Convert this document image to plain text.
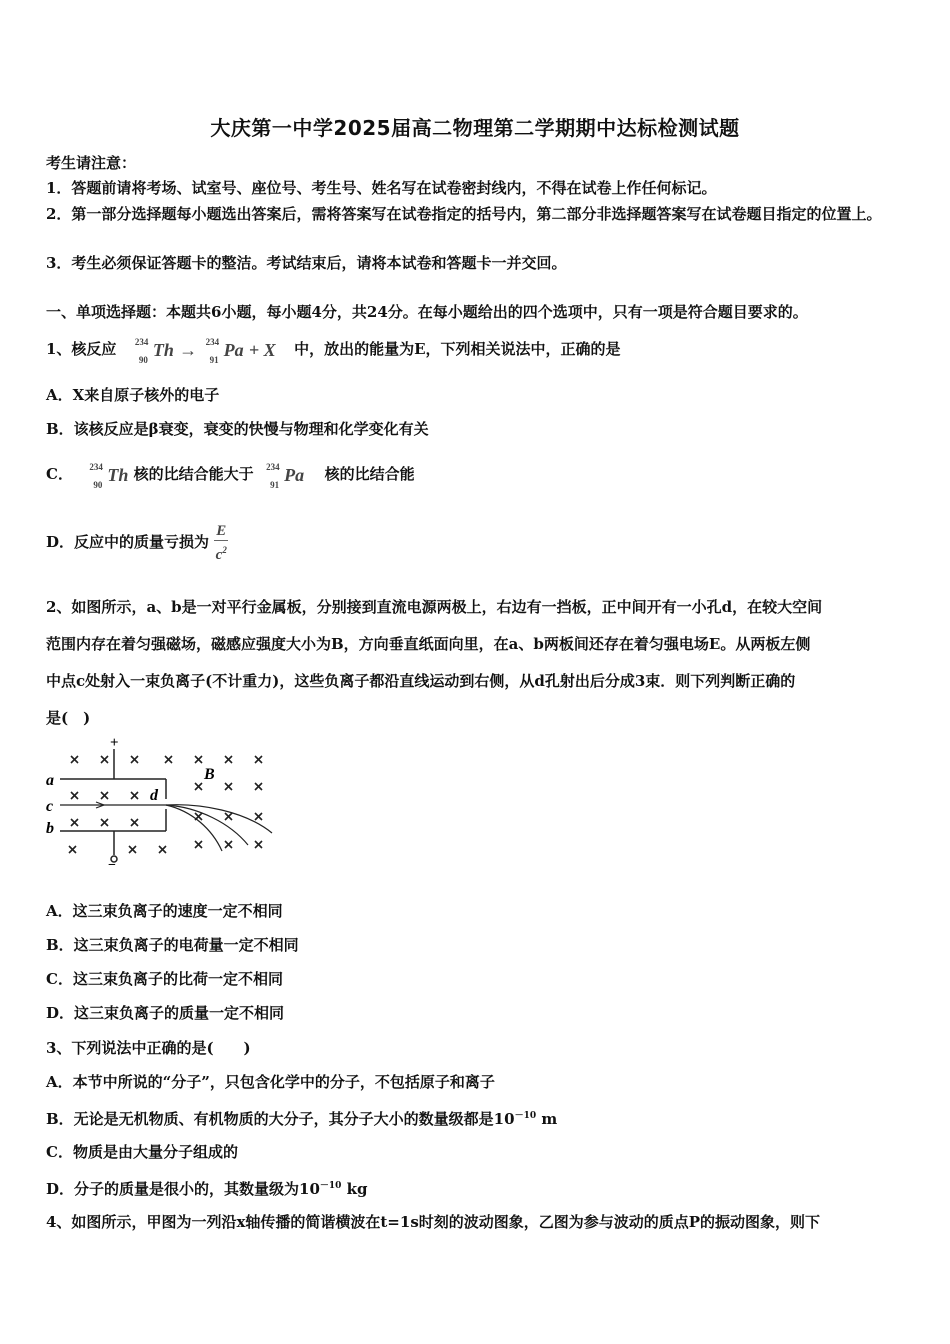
大庆第一中学2025届高二物理第二学期期中达标检测试题
考生请注意：
1．答题前请将考场、试室号、座位号、考生号、姓名写在试卷密封线内，不得在试卷上作任何标记。
2．第一部分选择题每小题选出答案后，需将答案写在试卷指定的括号内，第二部分非选择题答案写在试卷题目指定的位置上。
3．考生必须保证答题卡的整洁。考试结束后，请将本试卷和答题卡一并交回。
一、单项选择题：本题共6小题，每小题4分，共24分。在每小题给出的四个选项中，只有一项是符合题目要求的。
1、核反应 234
90 Th → 234
91 Pa + X 中，放出的能量为E，下列相关说法中，正确的是
A．X来自原子核外的电子
B．该核反应是β衰变，衰变的快慢与物理和化学变化有关
C． 234
90 Th 核的比结合能大于 234
91 Pa 核的比结合能
D．反应中的质量亏损为 $\frac{E}{c^2}$
2、如图所示，a、b是一对平行金属板，分别接到直流电源两极上，右边有一挡板，正中间开有一小孔d，在较大空间
范围内存在着匀强磁场，磁感应强度大小为B，方向垂直纸面向里，在a、b两板间还存在着匀强电场E。从两板左侧
中点c处射入一束负离子(不计重力)，这些负离子都沿直线运动到右侧，从d孔射出后分成3束．则下列判断正确的
是(　)
+
−
a
c
b
d
B
A．这三束负离子的速度一定不相同
B．这三束负离子的电荷量一定不相同
C．这三束负离子的比荷一定不相同
D．这三束负离子的质量一定不相同
3、下列说法中正确的是(　　)
A．本节中所说的“分子”，只包含化学中的分子，不包括原子和离子
B．无论是无机物质、有机物质的大分子，其分子大小的数量级都是$10^{-10}$ m
C．物质是由大量分子组成的
D．分子的质量是很小的，其数量级为$10^{-10}$ kg
4、如图所示，甲图为一列沿x轴传播的简谐横波在t=1s时刻的波动图象，乙图为参与波动的质点P的振动图象，则下
